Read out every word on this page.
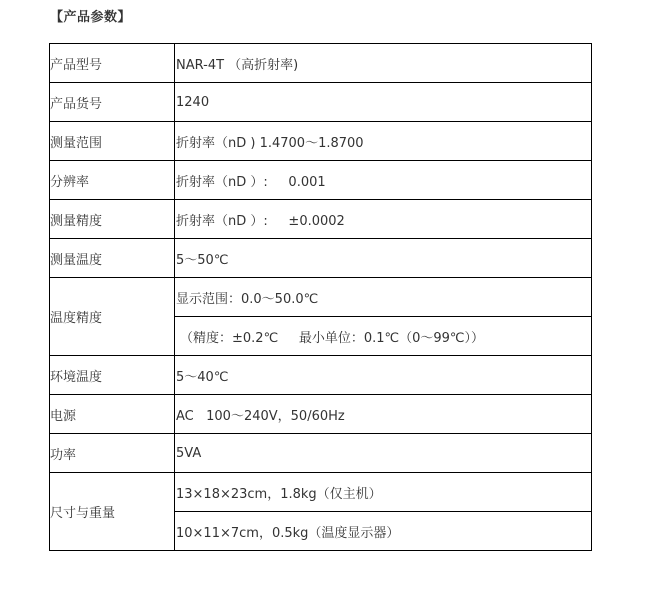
【产品参数】
产品型号	NAR-4T （高折射率)
产品货号	1240
测量范围	折射率（nD ) 1.4700～1.8700
分辨率	折射率（nD ）:     0.001
测量精度	折射率（nD ）:     ±0.0002
测量温度	5～50℃
温度精度	显示范围：0.0～50.0℃
	（精度：±0.2℃     最小单位：0.1℃（0～99℃））
环境温度	5～40℃
电源	AC   100～240V，50/60Hz
功率	5VA
尺寸与重量	13×18×23cm，1.8kg（仅主机）
	10×11×7cm，0.5kg（温度显示器）
